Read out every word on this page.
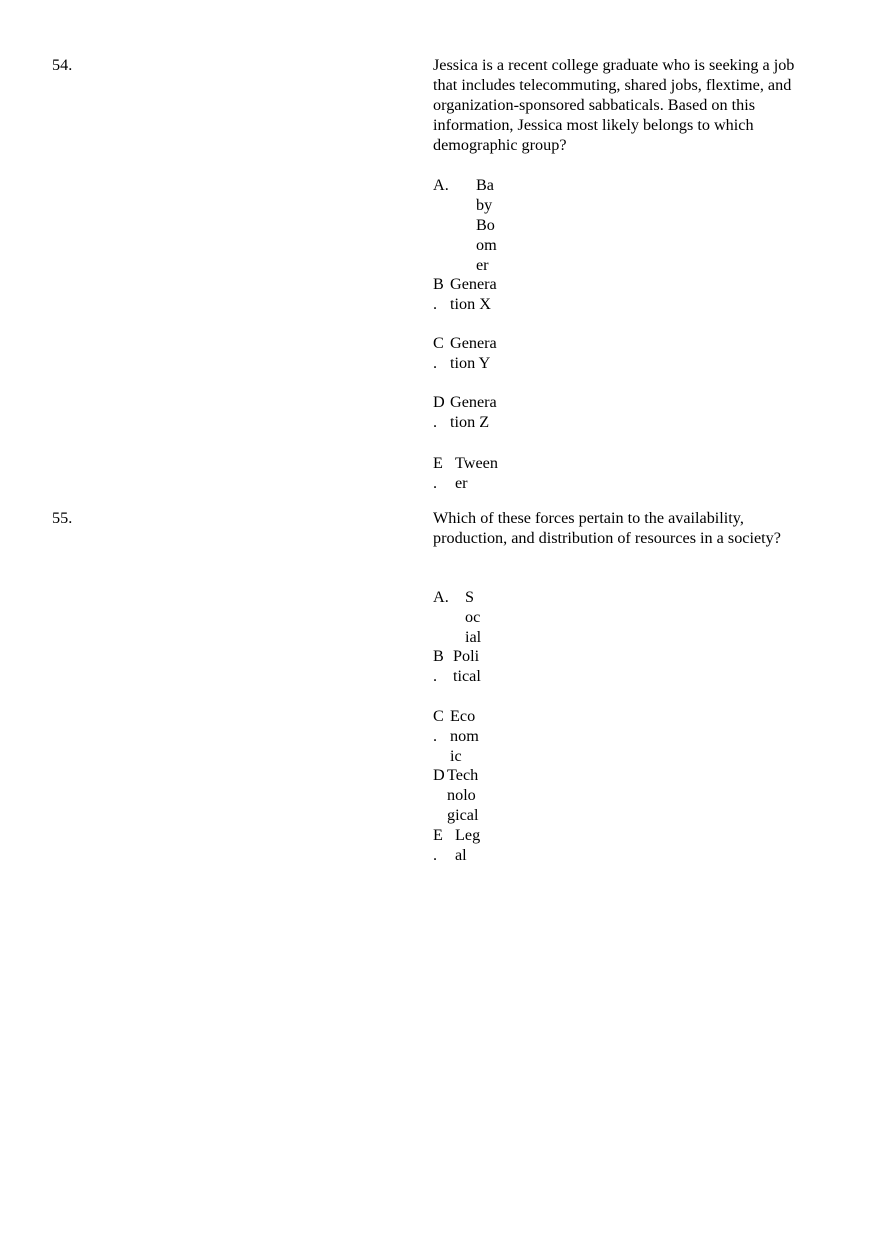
54.	Jessica is a recent college graduate who is seeking a job that includes telecommuting, shared jobs, flextime, and organization-sponsored sabbaticals. Based on this information, Jessica most likely belongs to which demographic group?

A. Ba
by
Bo
om
er
B
.
Genera
tion X
C
.
Genera
tion Y
D
.
Genera
tion Z
E
.
Tween
er
55.	Which of these forces pertain to the availability, production, and distribution of resources in a society?

A. S
oc
ial
B
.
Poli
tical
C
.
Eco
nom
ic
D Tech
nolo
gical
E
.
Leg
al
